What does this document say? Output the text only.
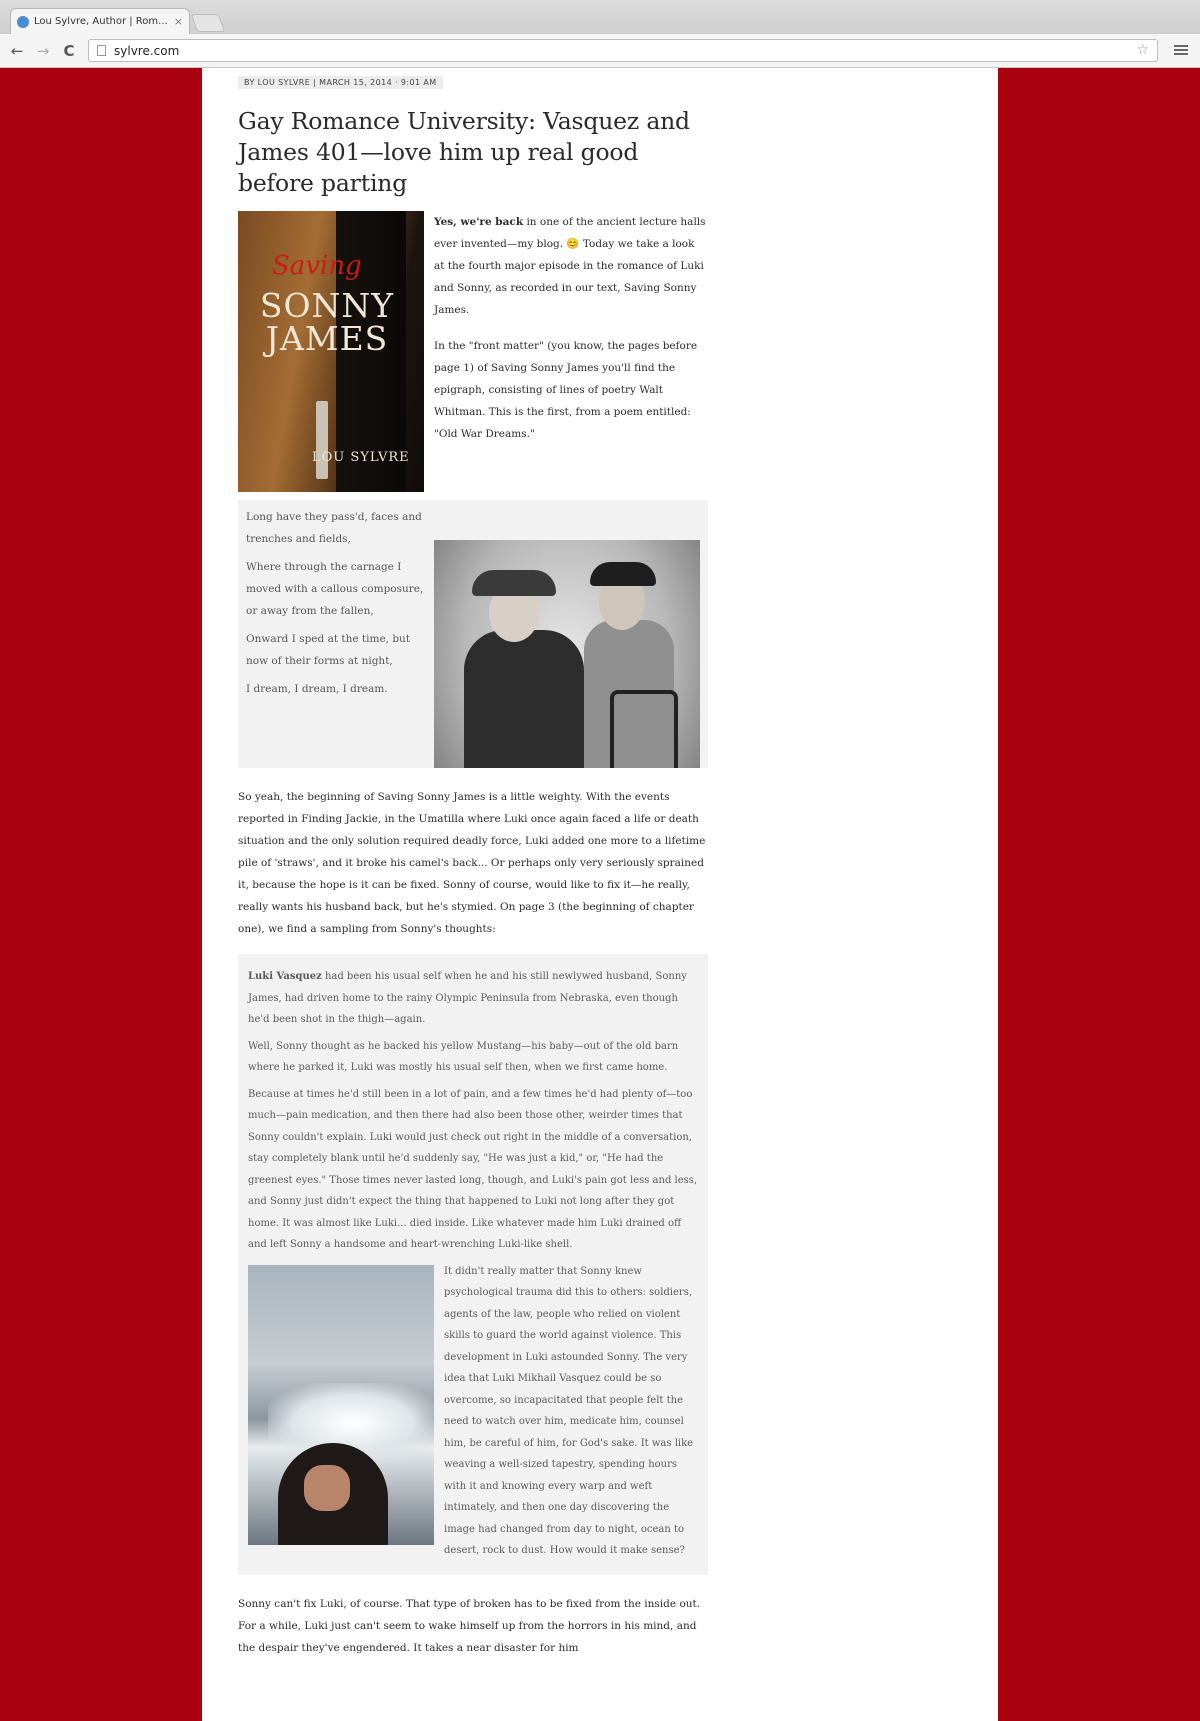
Lou Sylvre, Author | Rom... ×
← → C	sylvre.com	☆
BY LOU SYLVRE | MARCH 15, 2014 · 9:01 AM
Gay Romance University: Vasquez and James 401—love him up real good before parting
Saving
SONNY JAMES
LOU SYLVRE

Yes, we're back in one of the ancient lecture halls ever invented—my blog. 😊 Today we take a look at the fourth major episode in the romance of Luki and Sonny, as recorded in our text, Saving Sonny James.

In the "front matter" (you know, the pages before page 1) of Saving Sonny James you'll find the epigraph, consisting of lines of poetry Walt Whitman. This is the first, from a poem entitled: "Old War Dreams."

Long have they pass'd, faces and trenches and fields,

Where through the carnage I moved with a callous composure, or away from the fallen,

Onward I sped at the time, but now of their forms at night,

I dream, I dream, I dream.

So yeah, the beginning of Saving Sonny James is a little weighty. With the events reported in Finding Jackie, in the Umatilla where Luki once again faced a life or death situation and the only solution required deadly force, Luki added one more to a lifetime pile of 'straws', and it broke his camel's back... Or perhaps only very seriously sprained it, because the hope is it can be fixed. Sonny of course, would like to fix it—he really, really wants his husband back, but he's stymied. On page 3 (the beginning of chapter one), we find a sampling from Sonny's thoughts:

Luki Vasquez had been his usual self when he and his still newlywed husband, Sonny James, had driven home to the rainy Olympic Peninsula from Nebraska, even though he'd been shot in the thigh—again.

Well, Sonny thought as he backed his yellow Mustang—his baby—out of the old barn where he parked it, Luki was mostly his usual self then, when we first came home.

Because at times he'd still been in a lot of pain, and a few times he'd had plenty of—too much—pain medication, and then there had also been those other, weirder times that Sonny couldn't explain. Luki would just check out right in the middle of a conversation, stay completely blank until he'd suddenly say, "He was just a kid," or, "He had the greenest eyes." Those times never lasted long, though, and Luki's pain got less and less, and Sonny just didn't expect the thing that happened to Luki not long after they got home. It was almost like Luki... died inside. Like whatever made him Luki drained off and left Sonny a handsome and heart-wrenching Luki-like shell.

It didn't really matter that Sonny knew psychological trauma did this to others: soldiers, agents of the law, people who relied on violent skills to guard the world against violence. This development in Luki astounded Sonny. The very idea that Luki Mikhail Vasquez could be so overcome, so incapacitated that people felt the need to watch over him, medicate him, counsel him, be careful of him, for God's sake. It was like weaving a well-sized tapestry, spending hours with it and knowing every warp and weft intimately, and then one day discovering the image had changed from day to night, ocean to desert, rock to dust. How would it make sense?

Sonny can't fix Luki, of course. That type of broken has to be fixed from the inside out. For a while, Luki just can't seem to wake himself up from the horrors in his mind, and the despair they've engendered. It takes a near disaster for him
